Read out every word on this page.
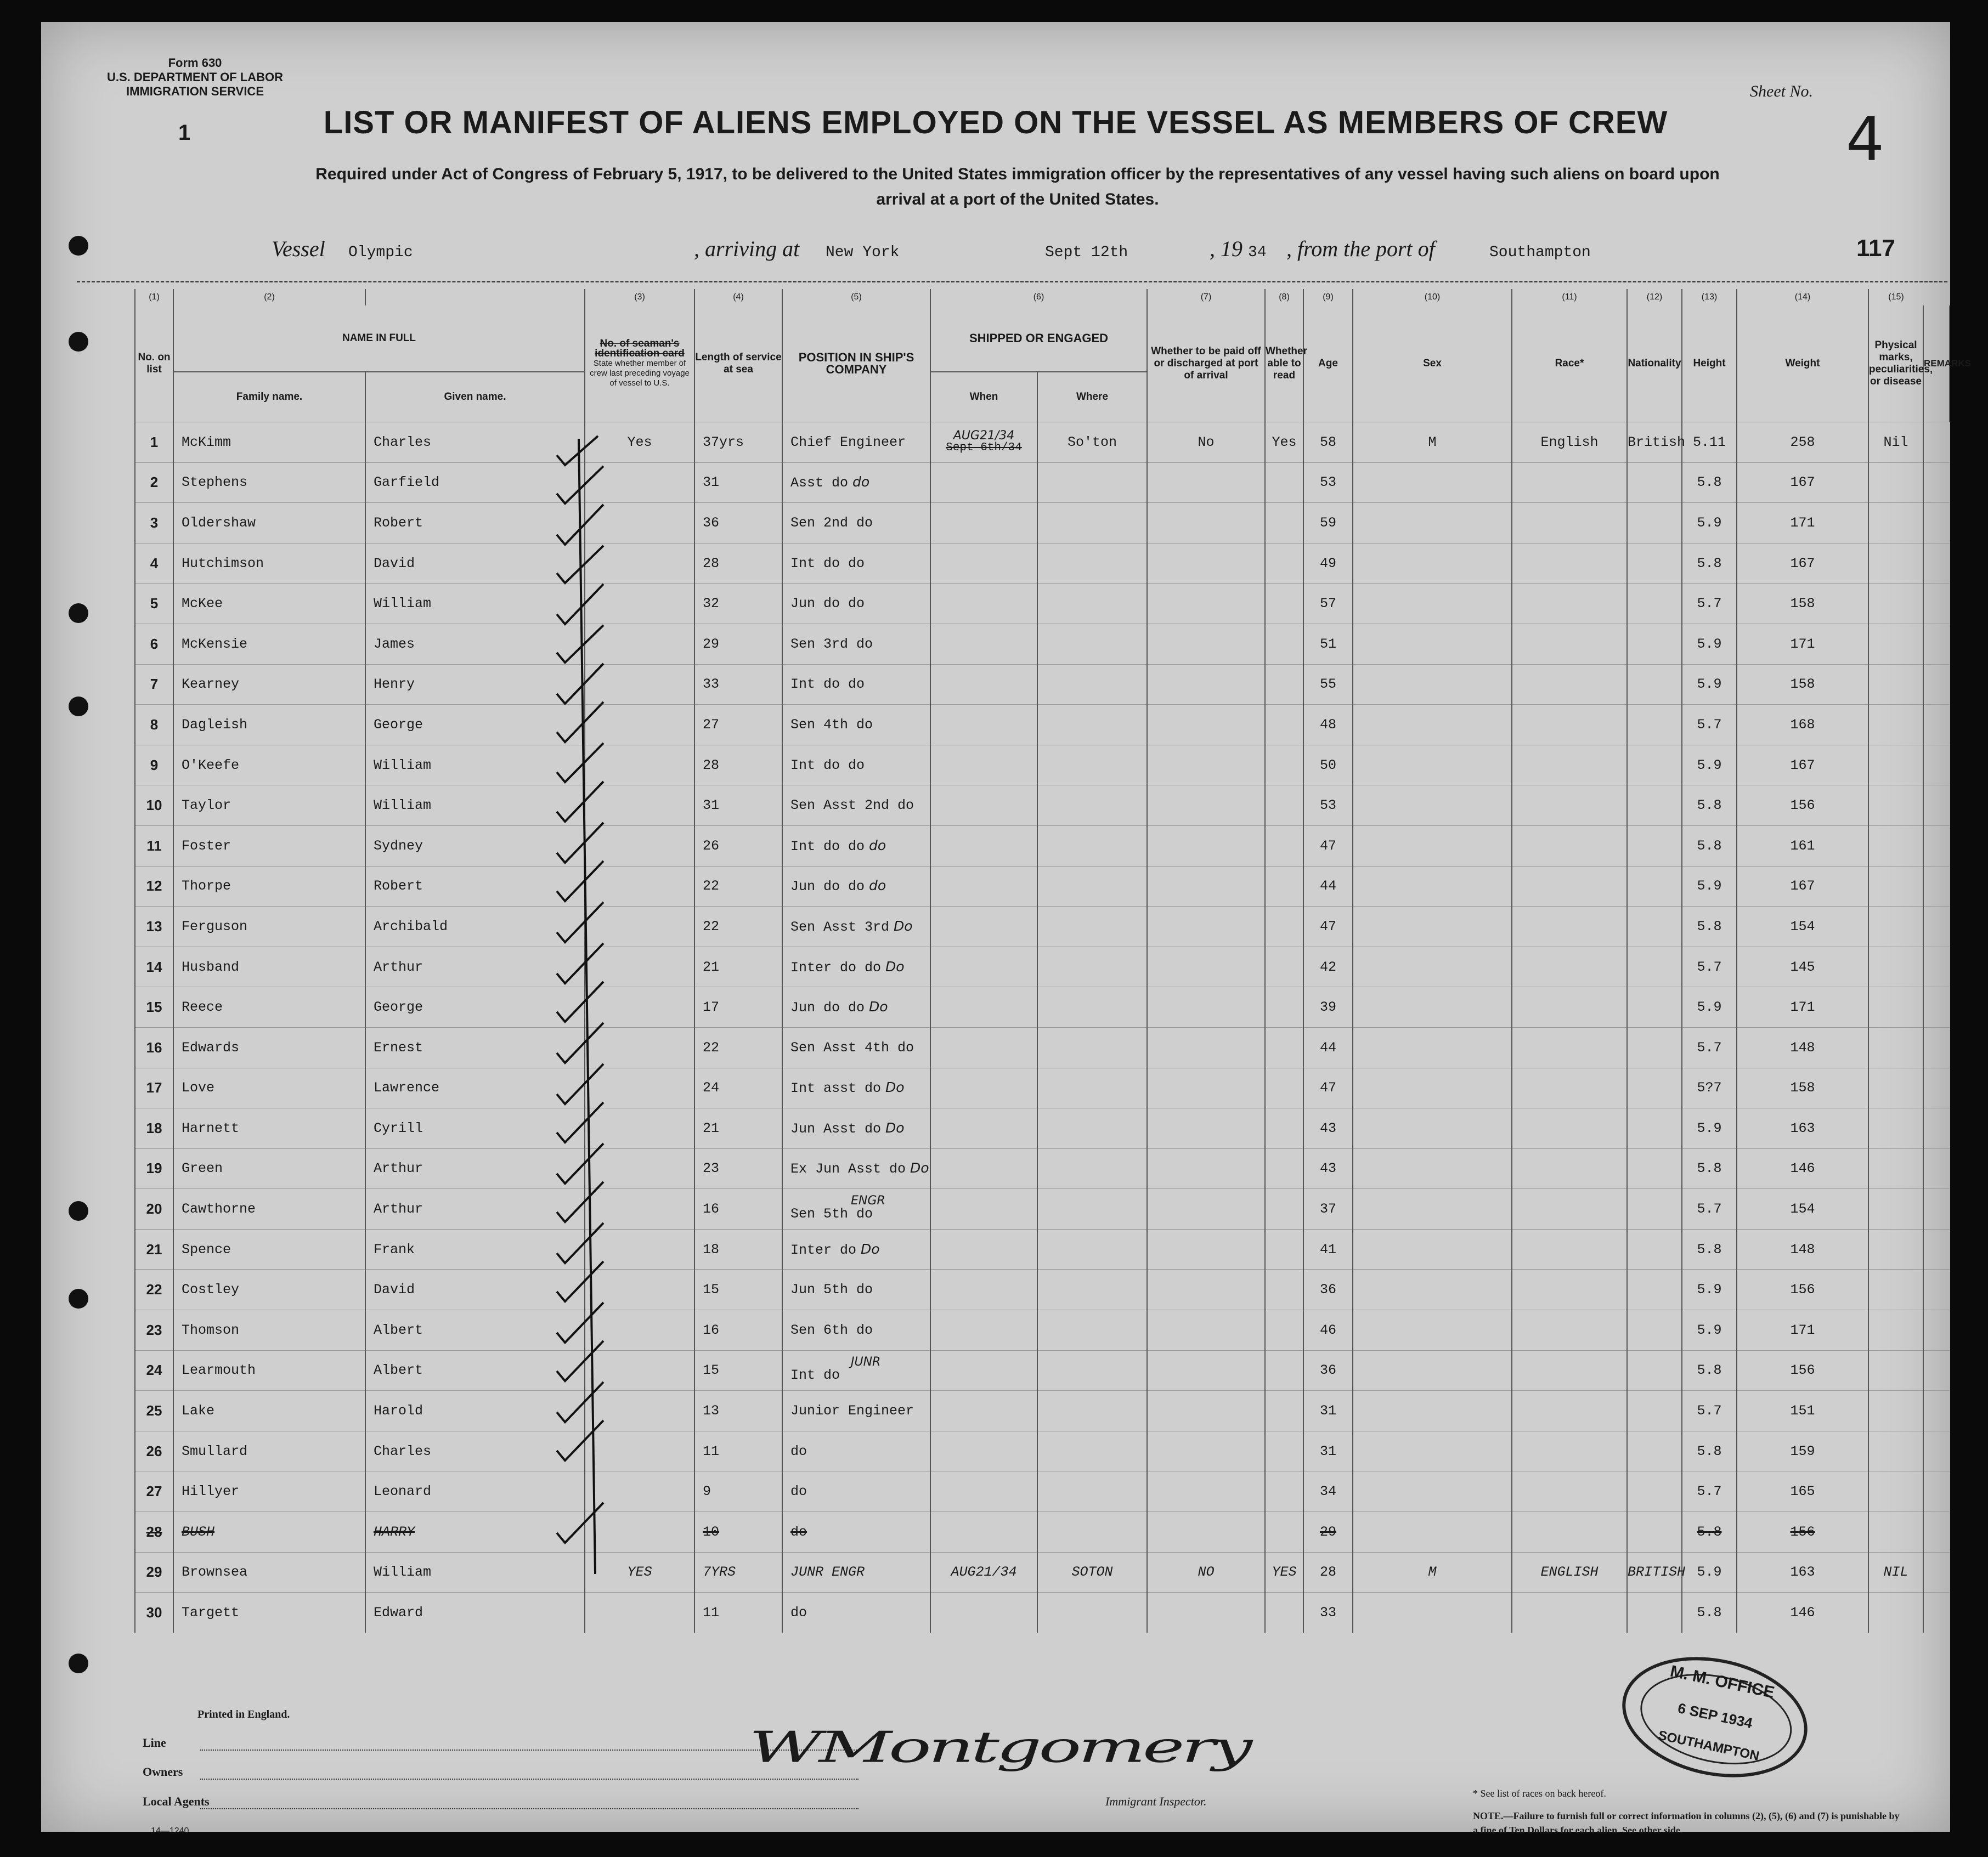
Form 630
U.S. DEPARTMENT OF LABOR
IMMIGRATION SERVICE
1	LIST OR MANIFEST OF ALIENS EMPLOYED ON THE VESSEL AS MEMBERS OF CREW
Required under Act of Congress of February 5, 1917, to be delivered to the United States immigration officer by the representatives of any vessel having such aliens on board upon arrival at a port of the United States.
Sheet No.
4
Vessel Olympic	, arriving at New York	Sept 12th	, 19 34 , from the port of	Southampton	117
(1)	(2)		(3)	(4)	(5)	(6)		(7)	(8)	(9)	(10)	(11)	(12)	(13)	(14)	(15)	
No. on list	NAME IN FULL		No. of seaman's identification card
State whether member of crew last preceding voyage of vessel to U.S.	Length of service at sea	POSITION IN SHIP'S COMPANY	SHIPPED OR ENGAGED		Whether to be paid off or discharged at port of arrival	Whether able to read	Age	Sex	Race*	Nationality	Height	Weight	Physical marks, peculiarities, or disease	REMARKS
	Family name.	Given name.				When	Where										
1	McKimm	Charles	Yes	37yrs	Chief Engineer	AUG21/34
Sept 6th/34	So'ton	No	Yes	58	M	English	British	5.11	258	Nil	
2	Stephens	Garfield		31	Asst do do					53				5.8	167		
3	Oldershaw	Robert		36	Sen 2nd do					59				5.9	171		
4	Hutchimson	David		28	Int do do					49				5.8	167		
5	McKee	William		32	Jun do do					57				5.7	158		
6	McKensie	James		29	Sen 3rd do					51				5.9	171		
7	Kearney	Henry		33	Int do do					55				5.9	158		
8	Dagleish	George		27	Sen 4th do					48				5.7	168		
9	O'Keefe	William		28	Int do do					50				5.9	167		
10	Taylor	William		31	Sen Asst 2nd do					53				5.8	156		
11	Foster	Sydney		26	Int do do do					47				5.8	161		
12	Thorpe	Robert		22	Jun do do do					44				5.9	167		
13	Ferguson	Archibald		22	Sen Asst 3rd Do					47				5.8	154		
14	Husband	Arthur		21	Inter do do Do					42				5.7	145		
15	Reece	George		17	Jun do do Do					39				5.9	171		
16	Edwards	Ernest		22	Sen Asst 4th do					44				5.7	148		
17	Love	Lawrence		24	Int asst do Do					47				5?7	158		
18	Harnett	Cyrill		21	Jun Asst do Do					43				5.9	163		
19	Green	Arthur		23	Ex Jun Asst do Do					43				5.8	146		
20	Cawthorne	Arthur		16	ENGR
Sen 5th do					37				5.7	154		
21	Spence	Frank		18	Inter do Do					41				5.8	148		
22	Costley	David		15	Jun 5th do					36				5.9	156		
23	Thomson	Albert		16	Sen 6th do					46				5.9	171		
24	Learmouth	Albert		15	JUNR
Int do					36				5.8	156		
25	Lake	Harold		13	Junior Engineer					31				5.7	151		
26	Smullard	Charles		11	do					31				5.8	159		
27	Hillyer	Leonard		9	do					34				5.7	165		
28	BUSH	HARRY		10	do					29				5.8	156		
29	Brownsea	William	YES	7YRS	JUNR ENGR	AUG21/34	SOTON	NO	YES	28	M	ENGLISH	BRITISH	5.9	163	NIL	
30	Targett	Edward		11	do					33				5.8	146		
Printed in England.
Line
Owners
Local Agents
14—1240
WMontgomery
Immigrant Inspector.
* See list of races on back hereof.
NOTE.—Failure to furnish full or correct information in columns (2), (5), (6) and (7) is punishable by a fine of Ten Dollars for each alien. See other side.
M. M. OFFICE
6 SEP 1934
SOUTHAMPTON
